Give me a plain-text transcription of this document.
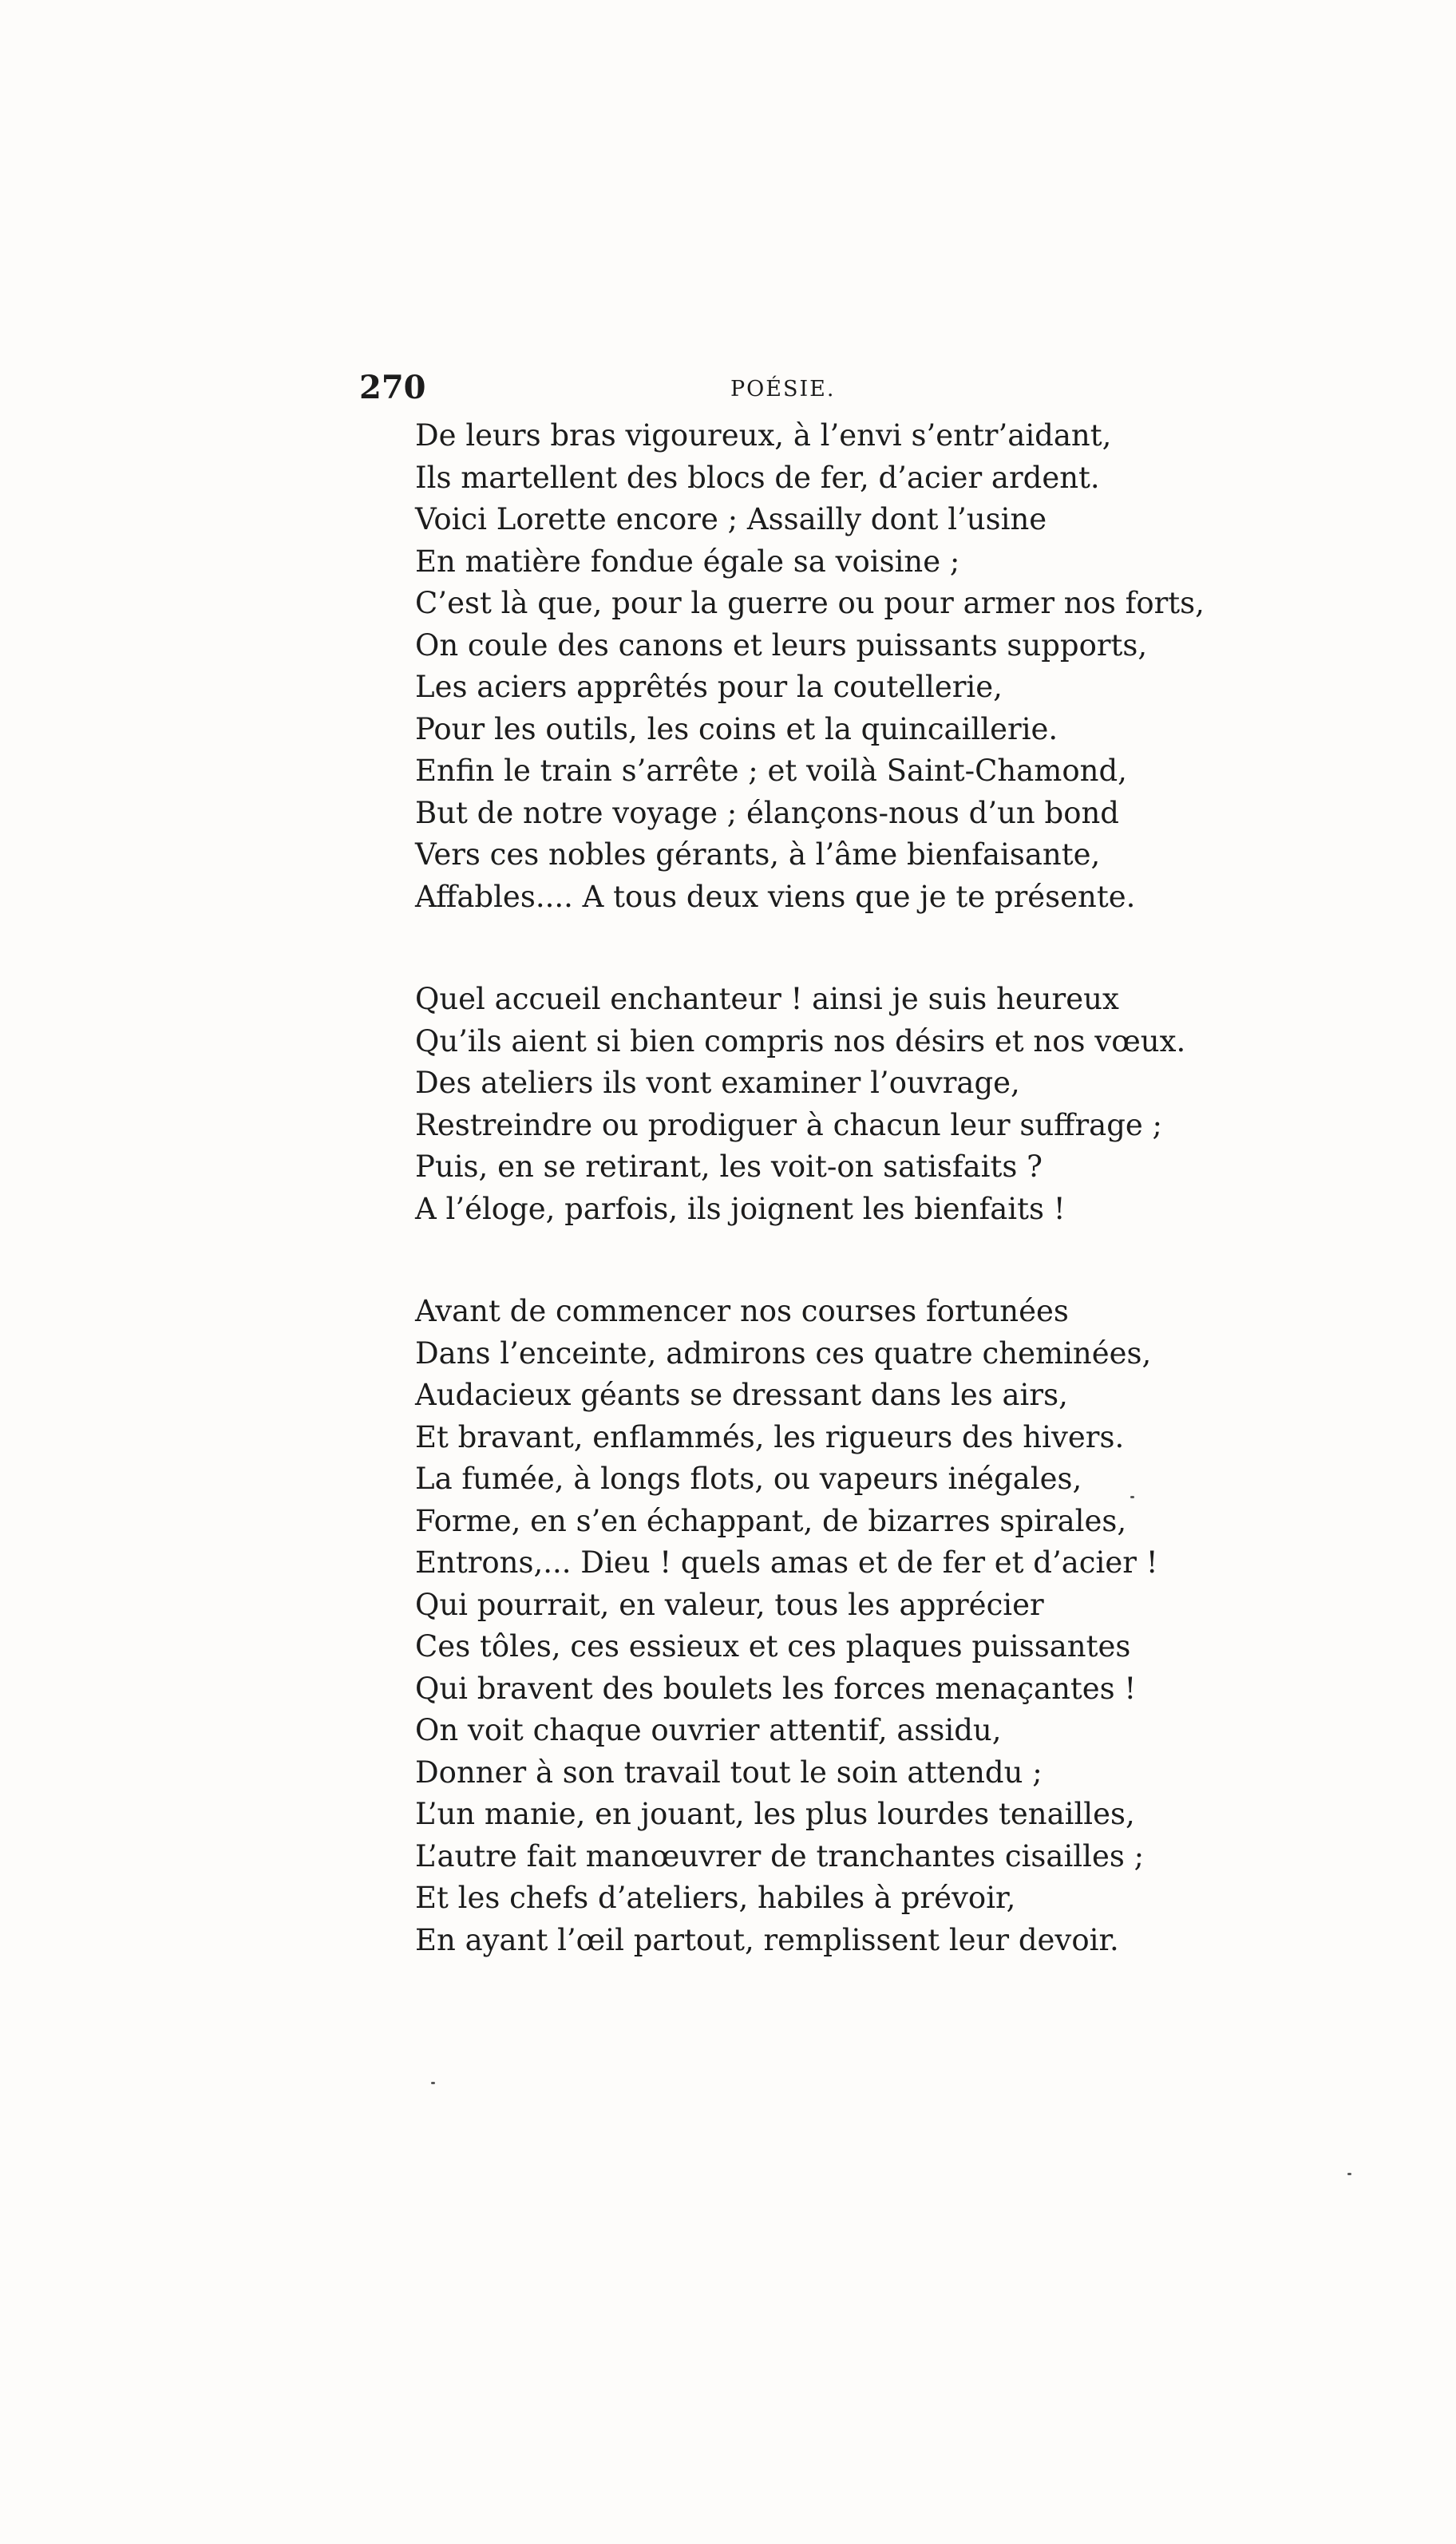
270	POÉSIE.
De leurs bras vigoureux, à l’envi s’entr’aidant,
Ils martellent des blocs de fer, d’acier ardent.
Voici Lorette encore ; Assailly dont l’usine
En matière fondue égale sa voisine ;
C’est là que, pour la guerre ou pour armer nos forts,
On coule des canons et leurs puissants supports,
Les aciers apprêtés pour la coutellerie,
Pour les outils, les coins et la quincaillerie.
Enfin le train s’arrête ; et voilà Saint-Chamond,
But de notre voyage ; élançons-nous d’un bond
Vers ces nobles gérants, à l’âme bienfaisante,
Affables.... A tous deux viens que je te présente.
Quel accueil enchanteur ! ainsi je suis heureux
Qu’ils aient si bien compris nos désirs et nos vœux.
Des ateliers ils vont examiner l’ouvrage,
Restreindre ou prodiguer à chacun leur suffrage ;
Puis, en se retirant, les voit-on satisfaits ?
A l’éloge, parfois, ils joignent les bienfaits !
Avant de commencer nos courses fortunées
Dans l’enceinte, admirons ces quatre cheminées,
Audacieux géants se dressant dans les airs,
Et bravant, enflammés, les rigueurs des hivers.
La fumée, à longs flots, ou vapeurs inégales,
Forme, en s’en échappant, de bizarres spirales,
Entrons,... Dieu ! quels amas et de fer et d’acier !
Qui pourrait, en valeur, tous les apprécier
Ces tôles, ces essieux et ces plaques puissantes
Qui bravent des boulets les forces menaçantes !
On voit chaque ouvrier attentif, assidu,
Donner à son travail tout le soin attendu ;
L’un manie, en jouant, les plus lourdes tenailles,
L’autre fait manœuvrer de tranchantes cisailles ;
Et les chefs d’ateliers, habiles à prévoir,
En ayant l’œil partout, remplissent leur devoir.
